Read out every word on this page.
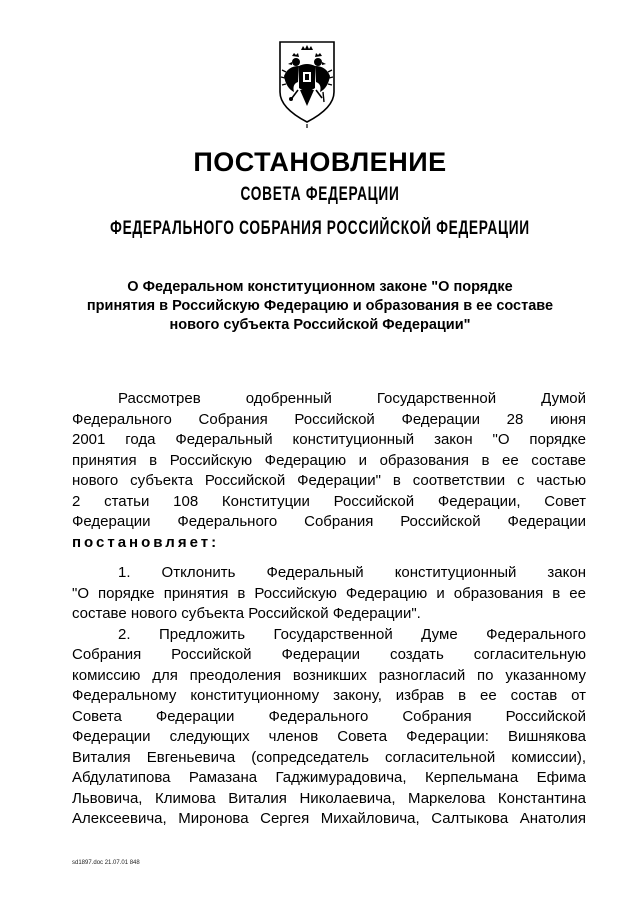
ПОСТАНОВЛЕНИЕ
СОВЕТА ФЕДЕРАЦИИ
ФЕДЕРАЛЬНОГО СОБРАНИЯ РОССИЙСКОЙ ФЕДЕРАЦИИ
О Федеральном конституционном законе "О порядке
принятия в Российскую Федерацию и образования в ее составе
нового субъекта Российской Федерации"
Рассмотрев одобренный Государственной Думой
Федерального Собрания Российской Федерации 28 июня
2001 года Федеральный конституционный закон "О порядке
принятия в Российскую Федерацию и образования в ее составе
нового субъекта Российской Федерации" в соответствии с частью
2 статьи 108 Конституции Российской Федерации, Совет
Федерации Федерального Собрания Российской Федерации
постановляет:
1. Отклонить Федеральный конституционный закон
"О порядке принятия в Российскую Федерацию и образования в ее
составе нового субъекта Российской Федерации".
2. Предложить Государственной Думе Федерального
Собрания Российской Федерации создать согласительную
комиссию для преодоления возникших разногласий по указанному
Федеральному конституционному закону, избрав в ее состав от
Совета Федерации Федерального Собрания Российской
Федерации следующих членов Совета Федерации: Вишнякова
Виталия Евгеньевича (сопредседатель согласительной комиссии),
Абдулатипова Рамазана Гаджимурадовича, Керпельмана Ефима
Львовича, Климова Виталия Николаевича, Маркелова Константина
Алексеевича, Миронова Сергея Михайловича, Салтыкова Анатолия
sd1897.doc 21.07.01 848
